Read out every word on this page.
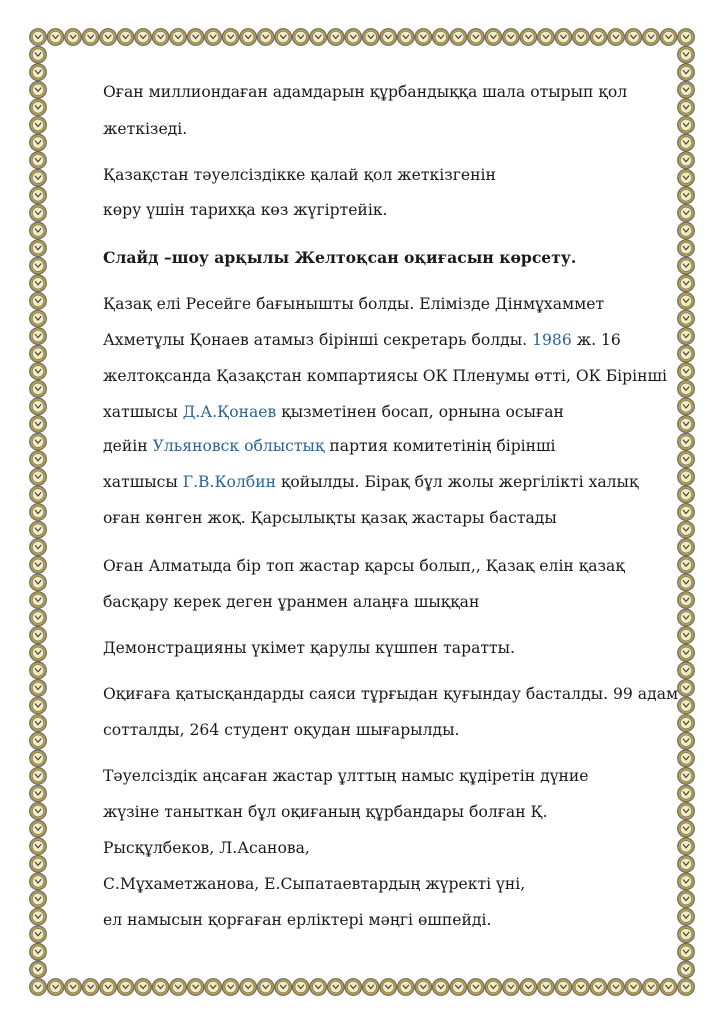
Оған миллиондаған адамдарын құрбандыққа шала отырып қол
жеткізеді.
Қазақстан тәуелсіздікке қалай қол жеткізгенін
көру үшін тарихқа көз жүгіртейік.
Слайд –шоу арқылы Желтоқсан оқиғасын көрсету.
Қазақ елі Ресейге бағынышты болды. Елімізде Дінмұхаммет
Ахметұлы Қонаев атамыз бірінші секретарь болды. 1986 ж. 16
желтоқсанда Қазақстан компартиясы ОК Пленумы өтті, ОК Бірінші
хатшысы Д.А.Қонаев қызметінен босап, орнына осыған
дейін Ульяновск облыстық партия комитетінің бірінші
хатшысы Г.В.Колбин қойылды. Бірақ бұл жолы жергілікті халық
оған көнген жоқ. Қарсылықты қазақ жастары бастады
Оған Алматыда бір топ жастар қарсы болып,, Қазақ елін қазақ
басқару керек деген ұранмен алаңға шыққан
Демонстрацияны үкімет қарулы күшпен таратты.
Оқиғаға қатысқандарды саяси тұрғыдан қуғындау басталды. 99 адам
сотталды, 264 студент оқудан шығарылды.
Тәуелсіздік аңсаған жастар ұлттың намыс құдіретін дүние
жүзіне таныткан бұл оқиғаның құрбандары болған Қ.
Рысқұлбеков, Л.Асанова,
С.Мұхаметжанова, Е.Сыпатаевтардың жүректі үні,
ел намысын қорғаған ерліктері мәңгі өшпейді.
